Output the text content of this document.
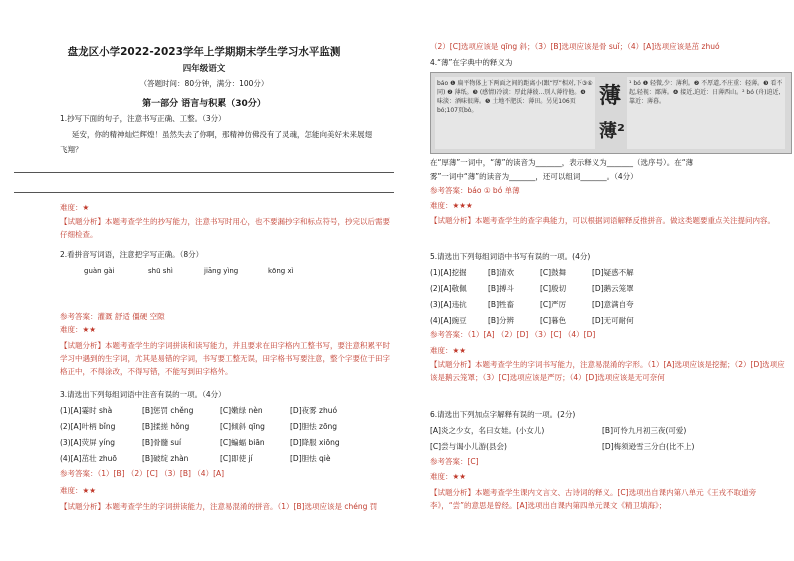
盘龙区小学2022-2023学年上学期期末学生学习水平监测
四年级语文
（答题时间：80分钟，满分：100分）
第一部分 语言与积累（30分）
1.抄写下面的句子，注意书写正确、工整。（3分）
延安，你的精神灿烂辉煌！虽然失去了你啊，那精神仿佛没有了灵魂，怎能向美好未来展翅
飞翔？
难度：★
【试题分析】本题考查学生的抄写能力，注意书写时用心，也不要漏抄字和标点符号，抄完以后需要仔细检查。
2.看拼音写词语，注意把字写正确。（8分）
guàn gài	shū shì	jiāng yìng	kōng xì
参考答案：灌溉 舒适 僵硬 空隙
难度：★★
【试题分析】本题考查学生的字词拼读和读写能力，并且要求在田字格内工整书写，要注意积累平时学习中遇到的生字词，尤其是易错的字词，书写要工整无误，田字格书写要注意，整个字要位于田字格正中，不得涂改，不得写错，不能写到田字格外。
3.请选出下列每组词语中注音有误的一项。（4分）
(1)[A]霎时 shà	[B]惩罚 chěng	[C]嫩绿 nèn	[D]夜雾 zhuó
(2)[A]叶柄 bǐng	[B]揉搓 hǒng	[C]倾斜 qīng	[D]胆怯 zōng
(3)[A]荧屏 yíng	[B]骨髓 suí	[C]蝙蝠 biān	[D]降服 xiōng
(4)[A]茁壮 zhuō	[B]破绽 zhàn	[C]即使 jí	[D]胆怯 qiè
参考答案：（1）[B] （2）[C] （3）[B] （4）[A]
难度：★★
【试题分析】本题考查学生的字词拼读能力，注意易混淆的拼音。（1）[B]选项应该是 chéng 罚
（2）[C]选项应该是 qīng 斜；（3）[B]选项应该是骨 suǐ；（4）[A]选项应该是茁 zhuó
4.“薄”在字典中的释义为
báo ❶ 扁平物体上下两面之间的距离小(跟“厚”相对,下③⑥同) ❷ 薄纸。❸ (感情)冷淡：厚此薄彼...别人薄待他。❹ 味淡：酒味很薄。❺ 土地不肥沃：薄田。另见106页bó;107页bò。
薄
薄²
¹ bó ❶ 轻微,少：薄利。❷ 不厚道,不庄重：轻薄。❸ 看不起,轻视：鄙薄。❹ 接近,迫近：日薄西山。² bó (舟)迫近,靠近：薄暮。
在“厚薄”一词中，“薄”的读音为_______，表示释义为_______（选序号）。在“薄
雾”一词中“薄”的读音为_______，还可以组词_______。（4分）
参考答案：báo ① bó 单薄
难度：★★★
【试题分析】本题考查学生的查字典能力，可以根据词语解释反推拼音。做这类题要重点关注提问内容。
5.请选出下列每组词语中书写有误的一项。(4分)
(1)[A]挖掘	[B]清欢	[C]鼓舞	[D]疑惑不解
(2)[A]敬佩	[B]搏斗	[C]殷切	[D]鹅云笼罩
(3)[A]违抗	[B]牲畜	[C]严厉	[D]意满自夸
(4)[A]豌豆	[B]分辨	[C]暮色	[D]无可耐何
参考答案：（1）[A] （2）[D] （3）[C] （4）[D]
难度：★★
【试题分析】本题考查学生的字词书写能力，注意易混淆的字形。（1）[A]选项应该是挖掘；（2）[D]选项应该是鹅云笼罩；（3）[C]选项应该是严厉；（4）[D]选项应该是无可奈何
6.请选出下列加点字解释有误的一项。(2分)
[A]炎之少女，名曰女娃。(小女儿)	[B]可怜九月初三夜(可爱)
[C]尝与谒小儿游(县会)	[D]梅须逊雪三分白(比不上)
参考答案：[C]
难度：★★
【试题分析】本题考查学生课内文言文、古诗词的释义。[C]选项出自课内第八单元《王戎不取道旁李》，“尝”的意思是曾经。[A]选项出自课内第四单元课文《精卫填海》；
